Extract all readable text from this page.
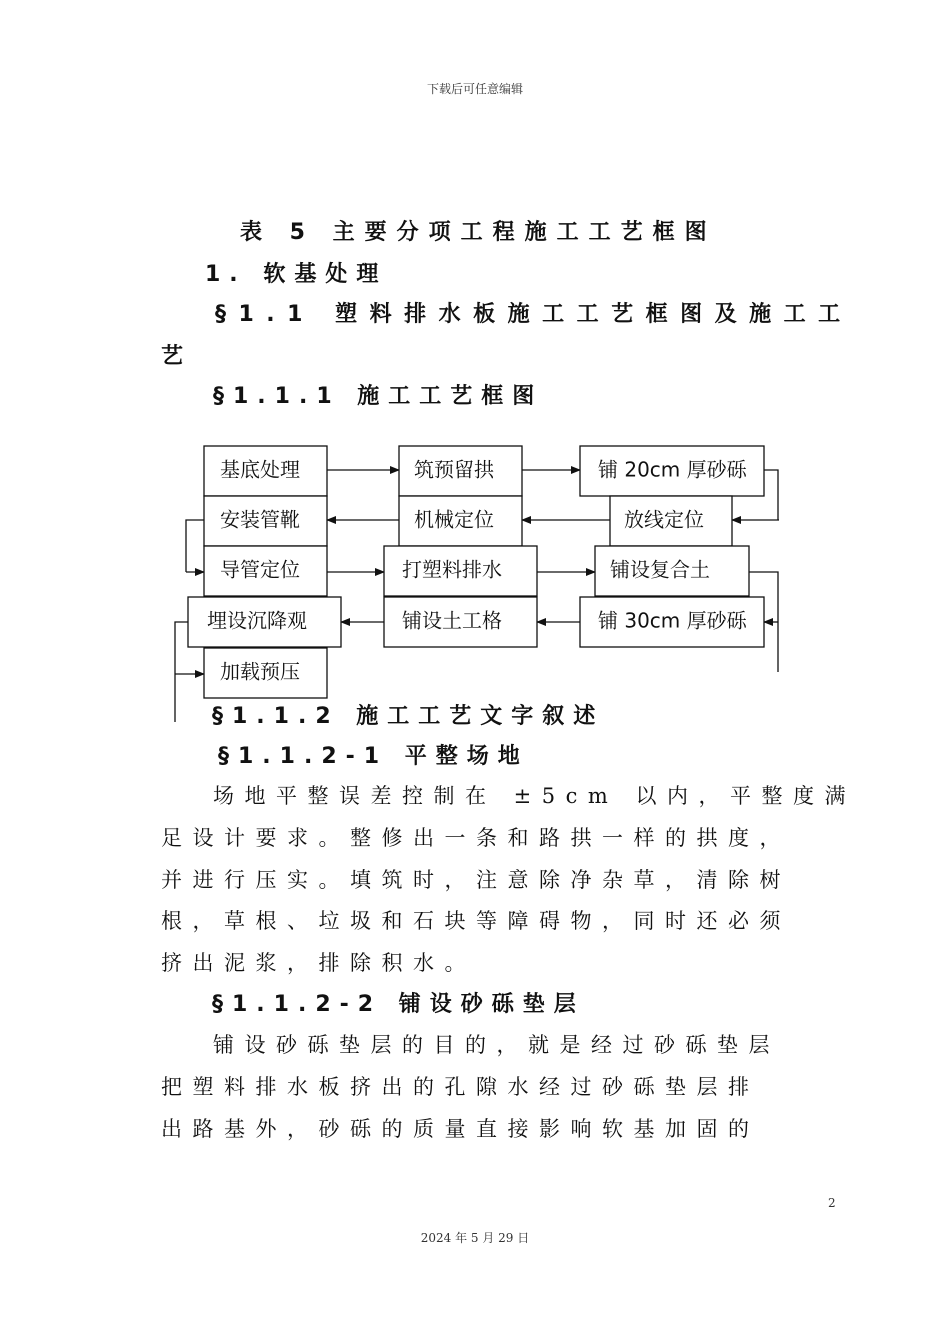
下载后可任意编辑
表 5 主要分项工程施工工艺框图
1. 软基处理
§1.1 塑料排水板施工工艺框图及施工工
艺
§1.1.1 施工工艺框图
基底处理	筑预留拱	铺 20cm 厚砂砾
安装管靴	机械定位	放线定位
导管定位	打塑料排水	铺设复合土
埋设沉降观	铺设土工格	铺 30cm 厚砂砾
加载预压
§1.1.2 施工工艺文字叙述
§1.1.2-1 平整场地
场地平整误差控制在 ±5cm 以内，平整度满
足设计要求。整修出一条和路拱一样的拱度，
并进行压实。填筑时，注意除净杂草，清除树
根，草根、垃圾和石块等障碍物，同时还必须
挤出泥浆，排除积水。
§1.1.2-2 铺设砂砾垫层
铺设砂砾垫层的目的，就是经过砂砾垫层
把塑料排水板挤出的孔隙水经过砂砾垫层排
出路基外，砂砾的质量直接影响软基加固的
2
2024 年 5 月 29 日
